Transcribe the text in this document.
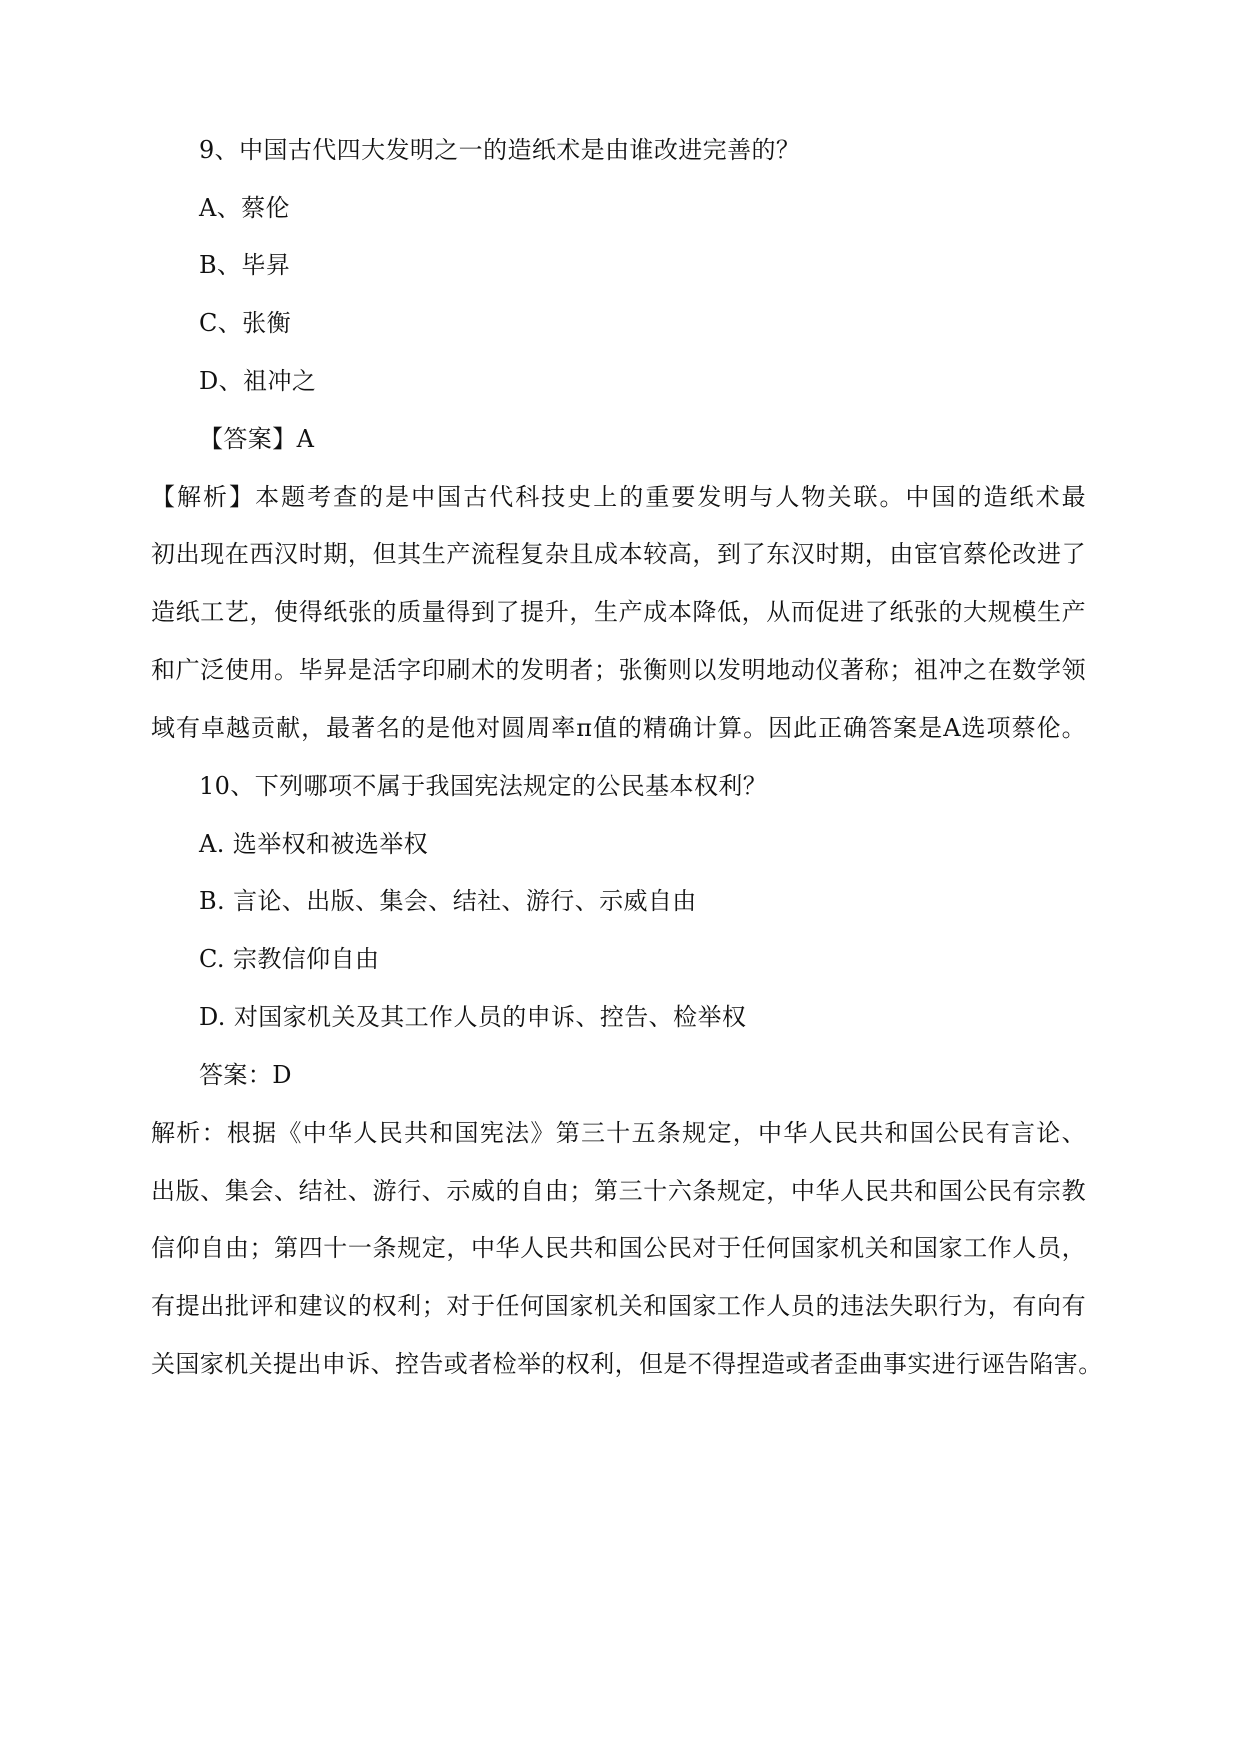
9、中国古代四大发明之一的造纸术是由谁改进完善的？
A、蔡伦
B、毕昇
C、张衡
D、祖冲之
【答案】A
【解析】本题考查的是中国古代科技史上的重要发明与人物关联。中国的造纸术最
初出现在西汉时期，但其生产流程复杂且成本较高，到了东汉时期，由宦官蔡伦改进了
造纸工艺，使得纸张的质量得到了提升，生产成本降低，从而促进了纸张的大规模生产
和广泛使用。毕昇是活字印刷术的发明者；张衡则以发明地动仪著称；祖冲之在数学领
域有卓越贡献，最著名的是他对圆周率π值的精确计算。因此正确答案是A选项蔡伦。
10、下列哪项不属于我国宪法规定的公民基本权利？
A. 选举权和被选举权
B. 言论、出版、集会、结社、游行、示威自由
C. 宗教信仰自由
D. 对国家机关及其工作人员的申诉、控告、检举权
答案：D
解析：根据《中华人民共和国宪法》第三十五条规定，中华人民共和国公民有言论、
出版、集会、结社、游行、示威的自由；第三十六条规定，中华人民共和国公民有宗教
信仰自由；第四十一条规定，中华人民共和国公民对于任何国家机关和国家工作人员，
有提出批评和建议的权利；对于任何国家机关和国家工作人员的违法失职行为，有向有
关国家机关提出申诉、控告或者检举的权利，但是不得捏造或者歪曲事实进行诬告陷害。
